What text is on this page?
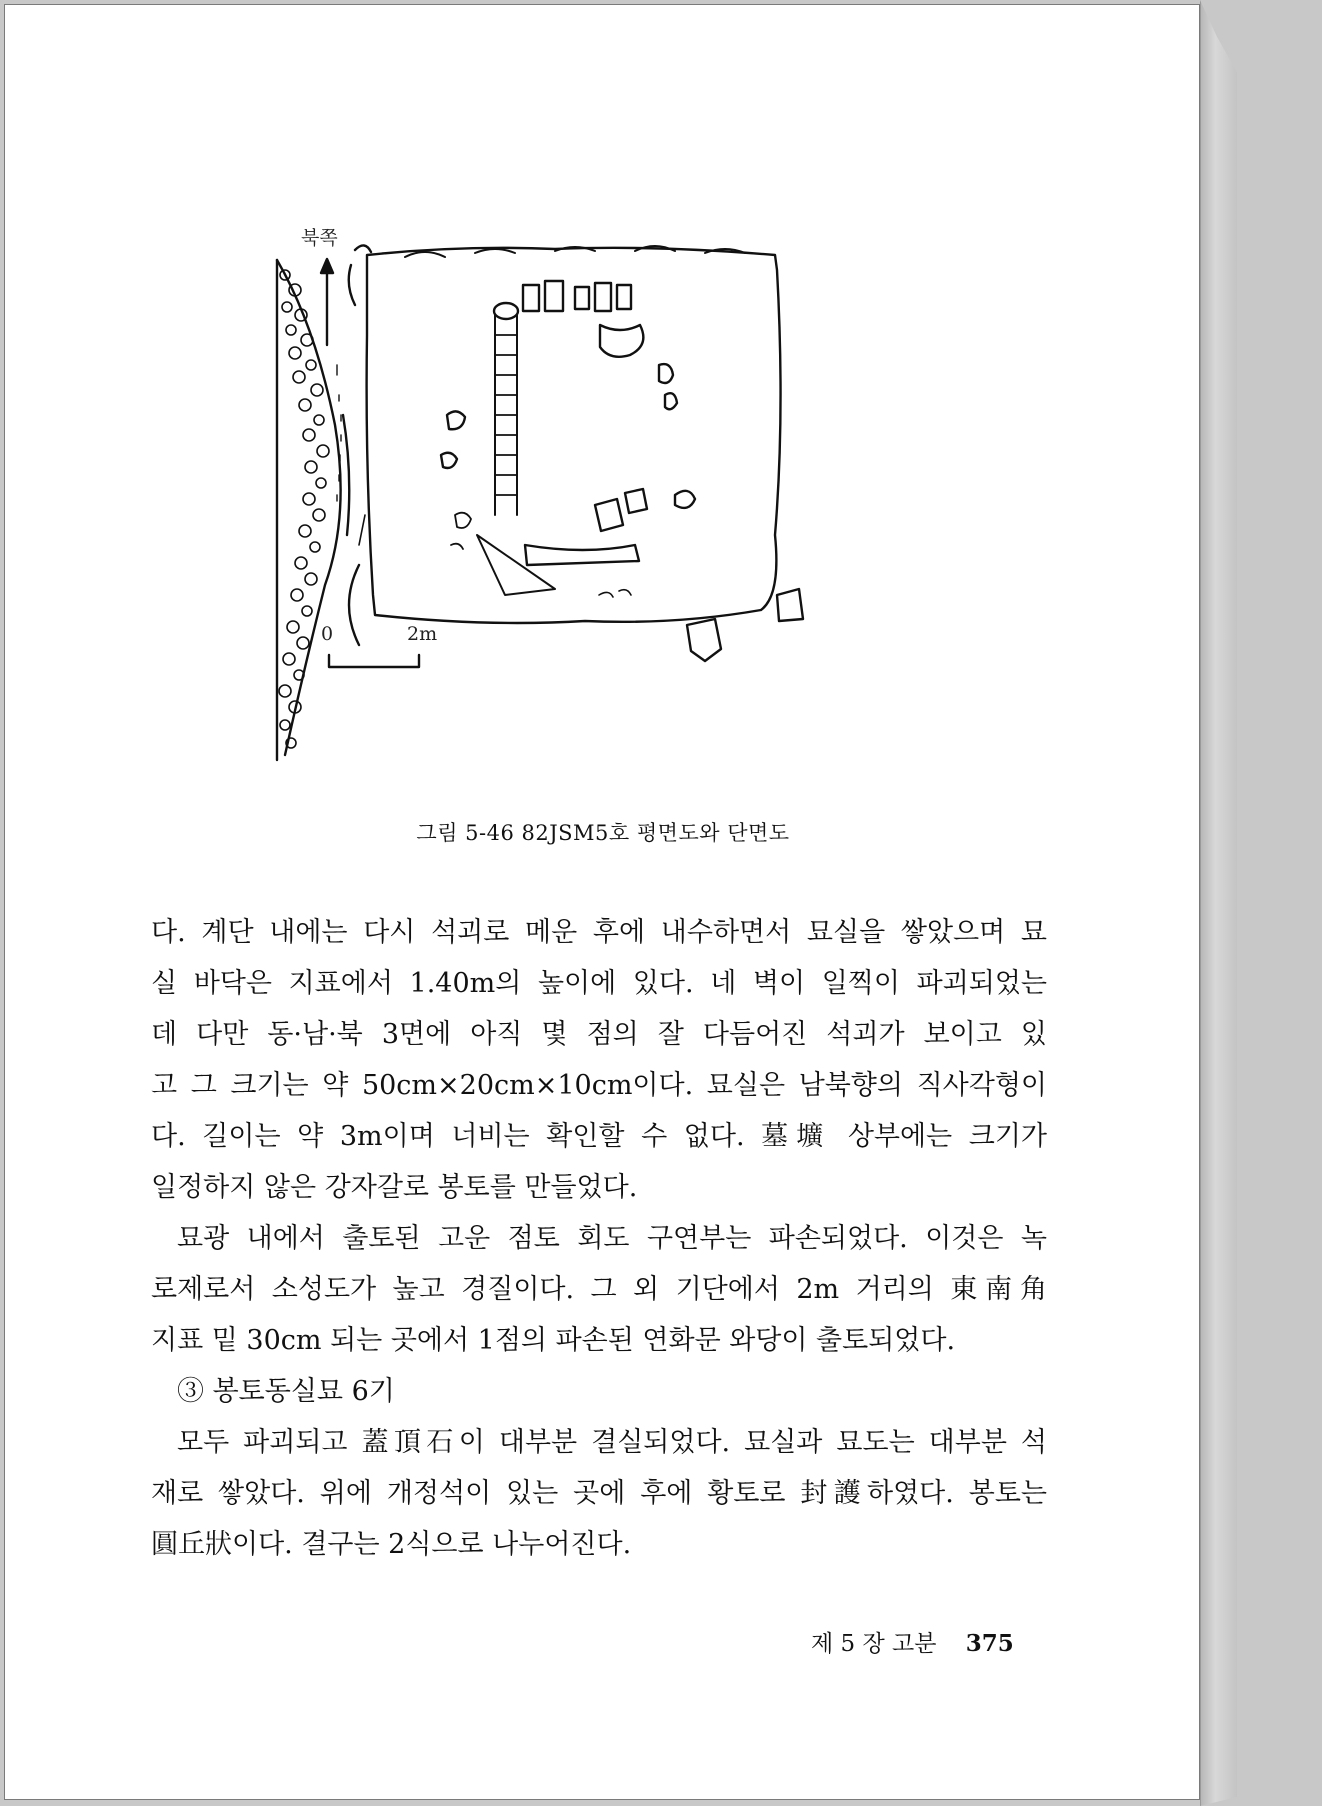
북쪽
0	2m
그림 5-46 82JSM5호 평면도와 단면도

다. 계단 내에는 다시 석괴로 메운 후에 내수하면서 묘실을 쌓았으며 묘

실 바닥은 지표에서 1.40m의 높이에 있다. 네 벽이 일찍이 파괴되었는

데 다만 동·남·북 3면에 아직 몇 점의 잘 다듬어진 석괴가 보이고 있

고 그 크기는 약 50cm×20cm×10cm이다. 묘실은 남북향의 직사각형이

다. 길이는 약 3m이며 너비는 확인할 수 없다. 墓壙 상부에는 크기가

일정하지 않은 강자갈로 봉토를 만들었다.

묘광 내에서 출토된 고운 점토 회도 구연부는 파손되었다. 이것은 녹

로제로서 소성도가 높고 경질이다. 그 외 기단에서 2m 거리의 東南角

지표 밑 30cm 되는 곳에서 1점의 파손된 연화문 와당이 출토되었다.

③ 봉토동실묘 6기

모두 파괴되고 蓋頂石이 대부분 결실되었다. 묘실과 묘도는 대부분 석

재로 쌓았다. 위에 개정석이 있는 곳에 후에 황토로 封護하였다. 봉토는

圓丘狀이다. 결구는 2식으로 나누어진다.

제 5 장 고분 375
